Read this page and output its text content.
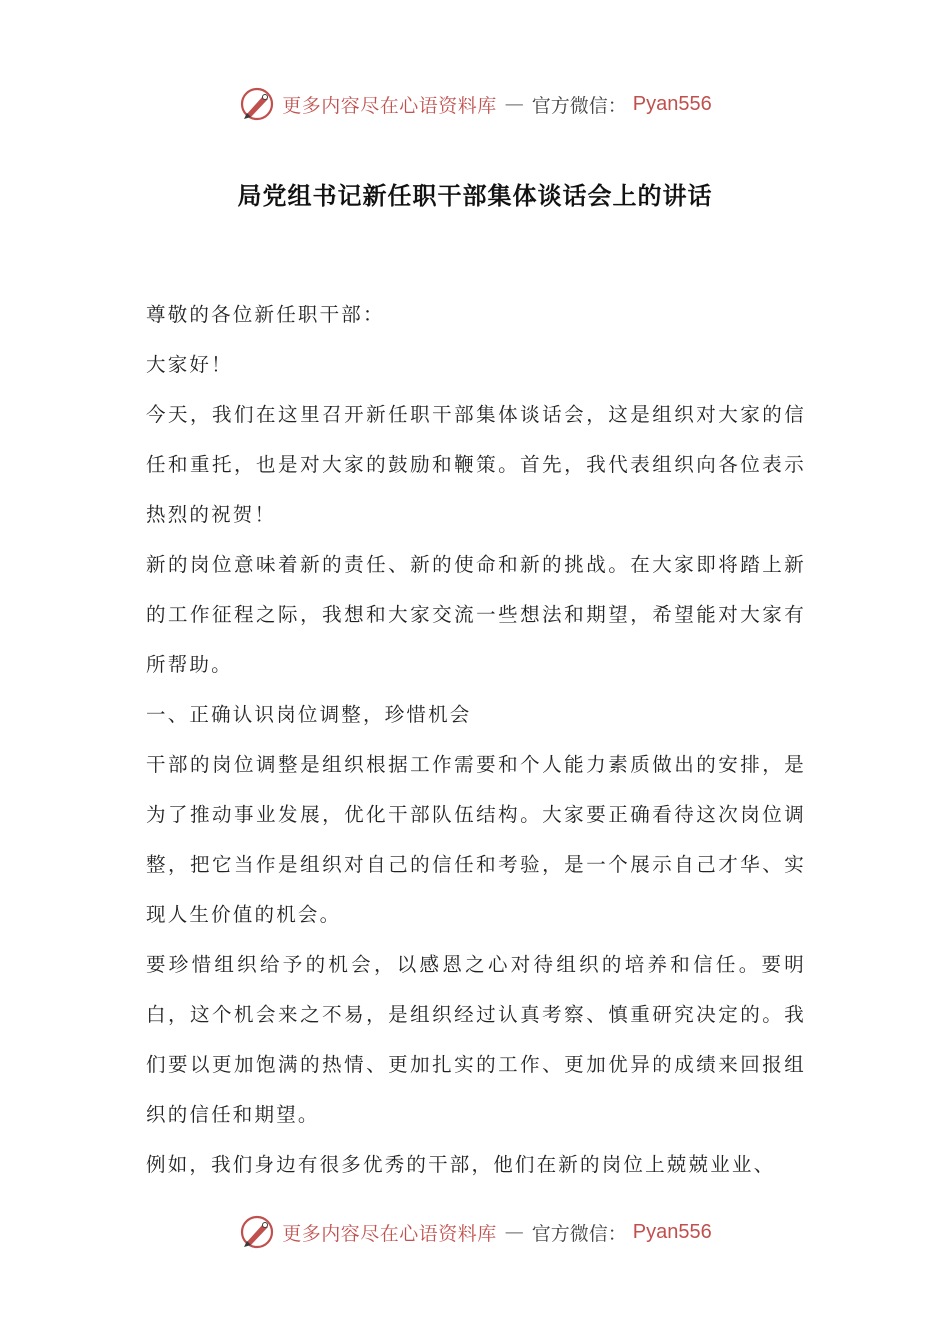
更多内容尽在心语资料库 — 官方微信： Pyan556
局党组书记新任职干部集体谈话会上的讲话

尊敬的各位新任职干部：

大家好！

今天，我们在这里召开新任职干部集体谈话会，这是组织对大家的信任和重托，也是对大家的鼓励和鞭策。首先，我代表组织向各位表示热烈的祝贺！

新的岗位意味着新的责任、新的使命和新的挑战。在大家即将踏上新的工作征程之际，我想和大家交流一些想法和期望，希望能对大家有所帮助。

一、正确认识岗位调整，珍惜机会

干部的岗位调整是组织根据工作需要和个人能力素质做出的安排，是为了推动事业发展，优化干部队伍结构。大家要正确看待这次岗位调整，把它当作是组织对自己的信任和考验，是一个展示自己才华、实现人生价值的机会。

要珍惜组织给予的机会，以感恩之心对待组织的培养和信任。要明白，这个机会来之不易，是组织经过认真考察、慎重研究决定的。我们要以更加饱满的热情、更加扎实的工作、更加优异的成绩来回报组织的信任和期望。

例如，我们身边有很多优秀的干部，他们在新的岗位上兢兢业业、

更多内容尽在心语资料库 — 官方微信： Pyan556
